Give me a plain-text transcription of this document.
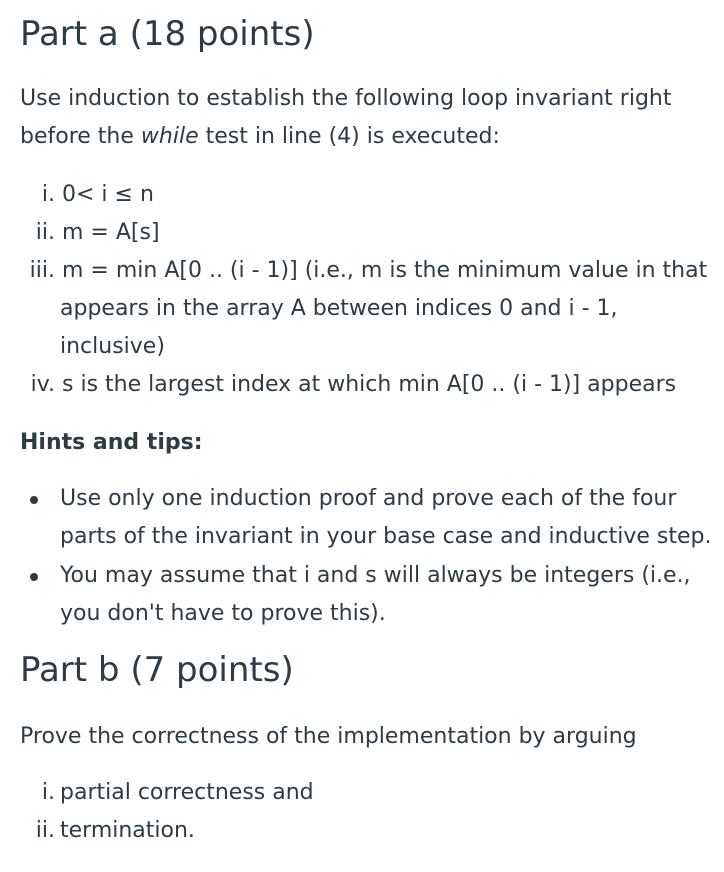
Part a (18 points)
Use induction to establish the following loop invariant right
before the while test in line (4) is executed:
i. 0< i ≤ n
ii. m = A[s]
iii. m = min A[0 .. (i - 1)] (i.e., m is the minimum value in that
appears in the array A between indices 0 and i - 1,
inclusive)
iv. s is the largest index at which min A[0 .. (i - 1)] appears
Hints and tips:
Use only one induction proof and prove each of the four
parts of the invariant in your base case and inductive step.
You may assume that i and s will always be integers (i.e.,
you don't have to prove this).
Part b (7 points)
Prove the correctness of the implementation by arguing
i. partial correctness and
ii. termination.
